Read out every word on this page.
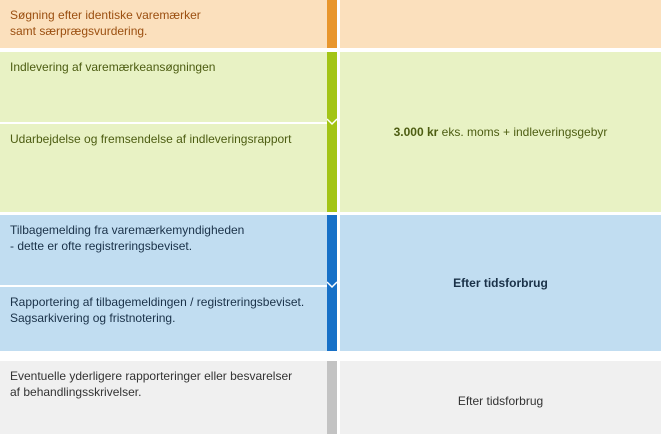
Søgning efter identiske varemærker
samt særprægsvurdering.
Indlevering af varemærkeansøgningen
Udarbejdelse og fremsendelse af indleveringsrapport	3.000 kr eks. moms + indleveringsgebyr
Tilbagemelding fra varemærkemyndigheden
- dette er ofte registreringsbeviset.
Rapportering af tilbagemeldingen / registreringsbeviset.
Sagsarkivering og fristnotering.
Efter tidsforbrug
Eventuelle yderligere rapporteringer eller besvarelser
af behandlingsskrivelser.
Efter tidsforbrug
